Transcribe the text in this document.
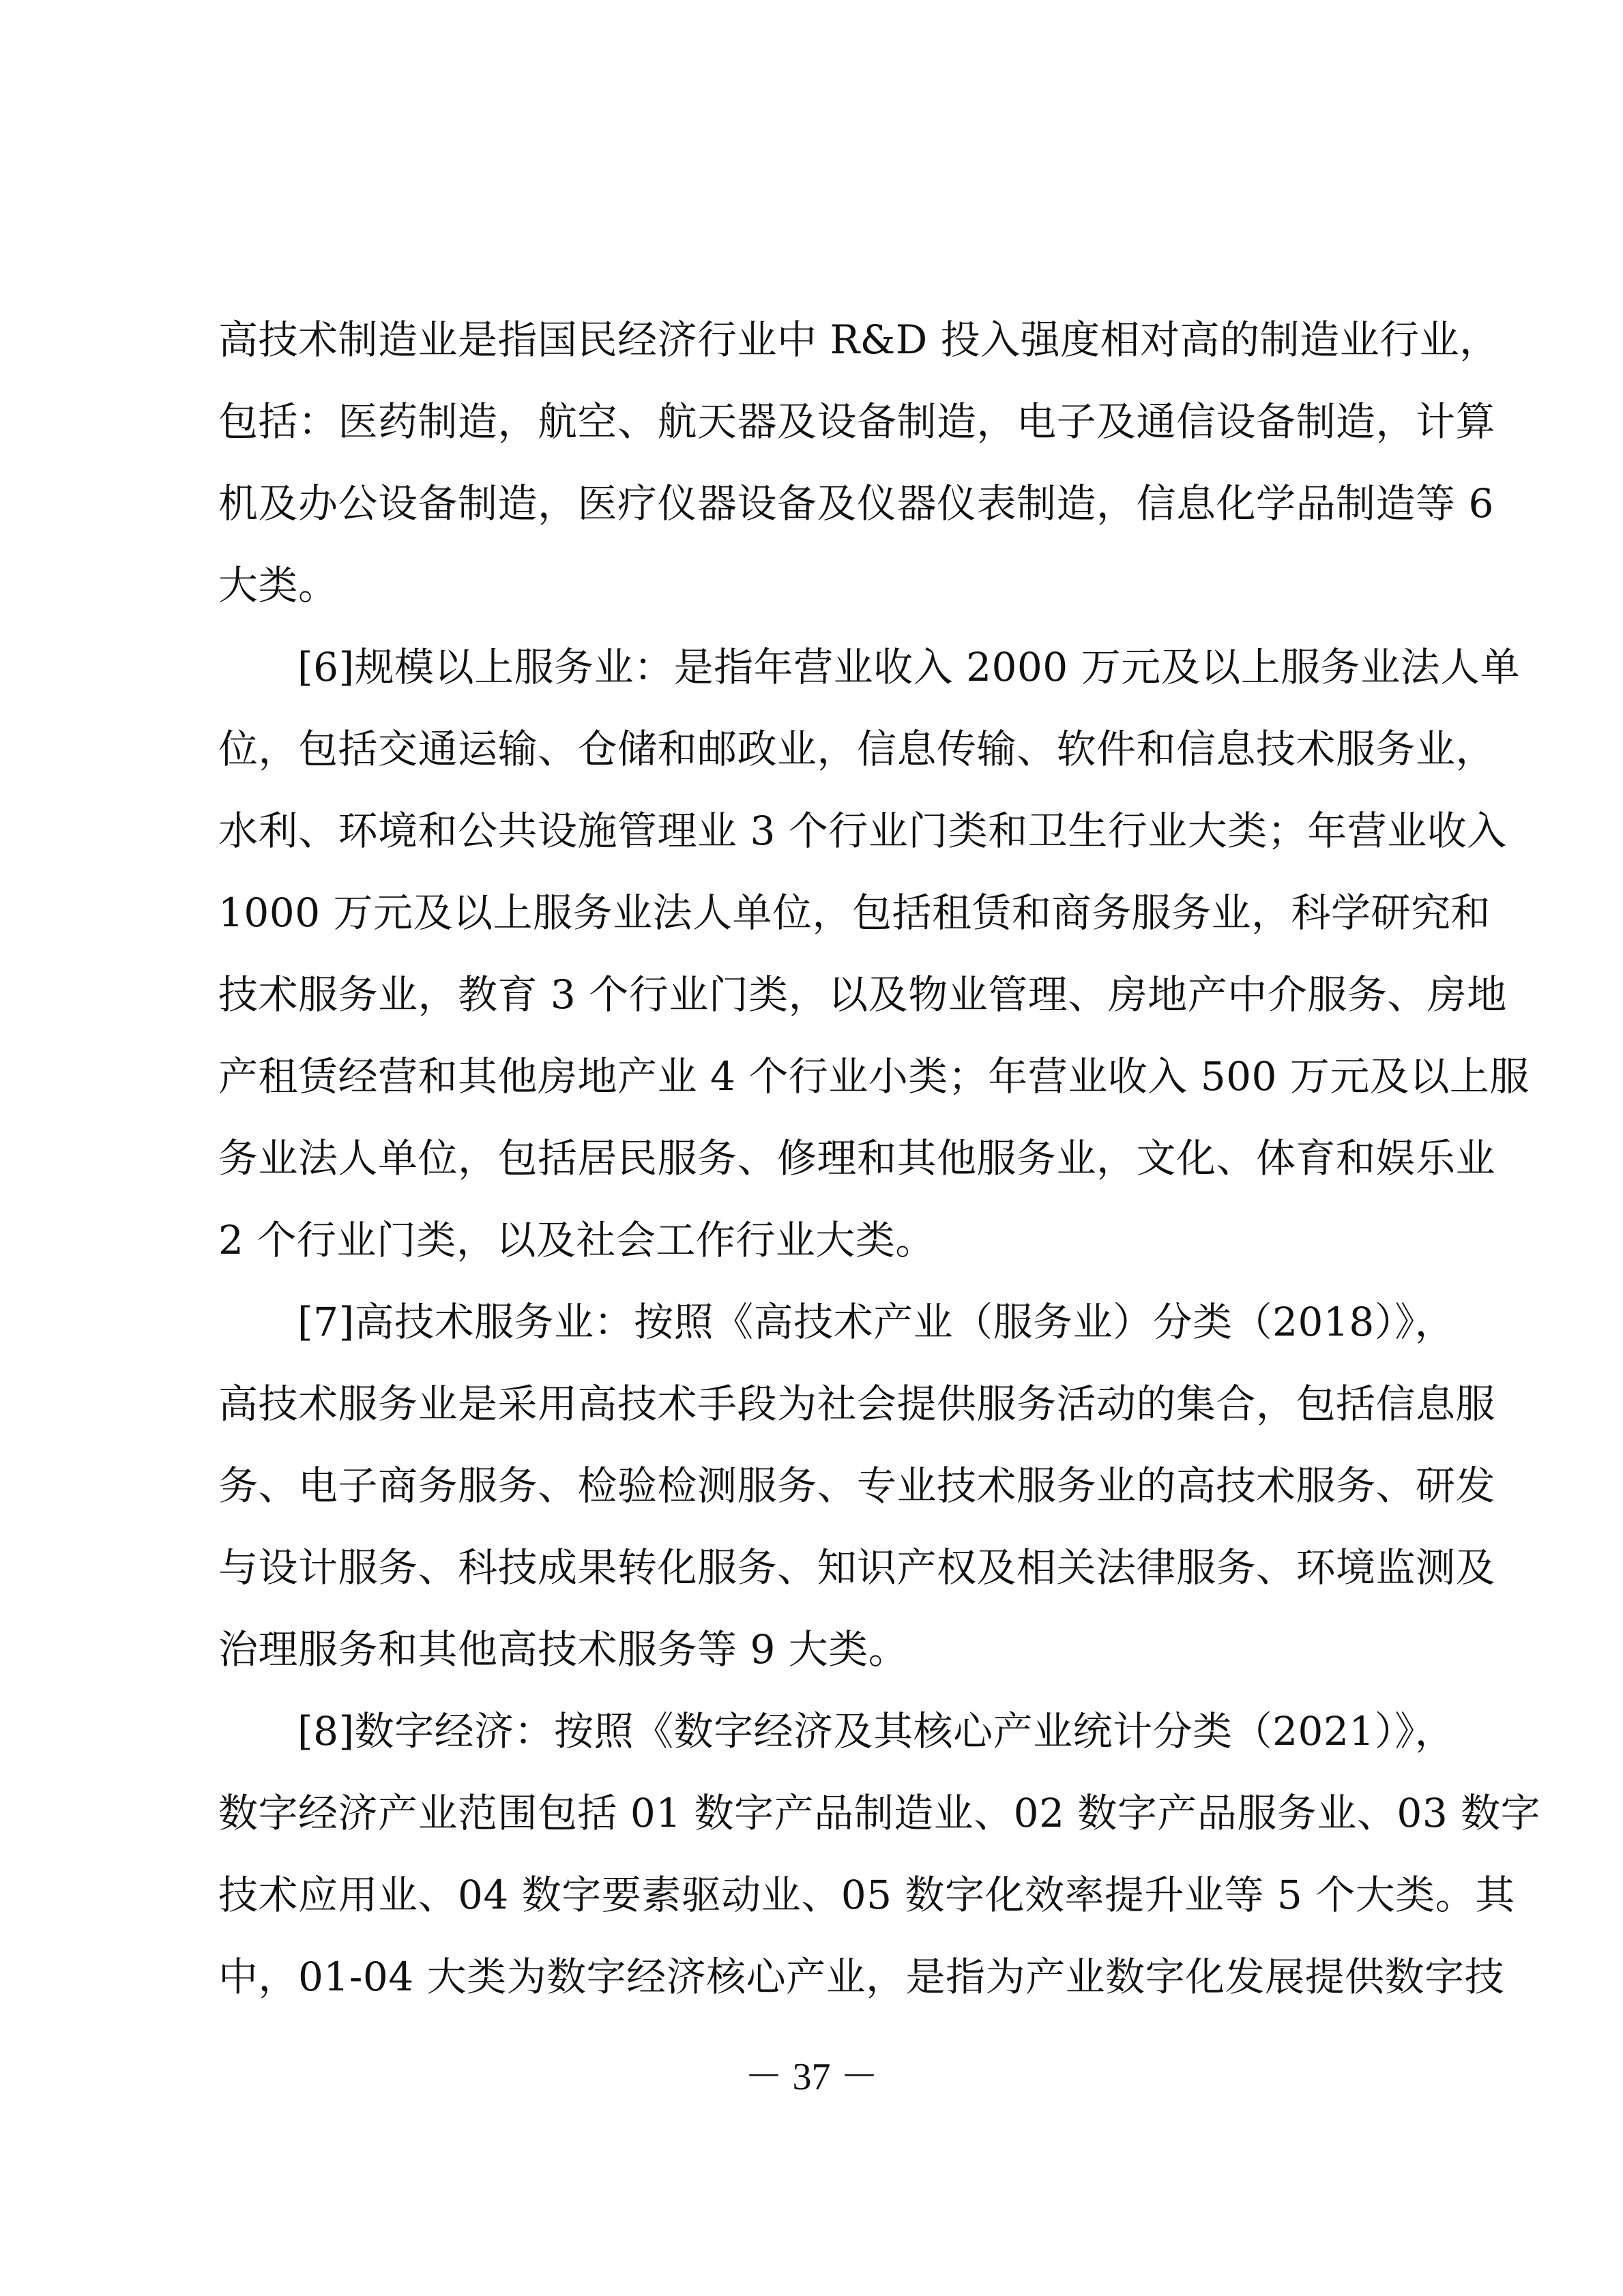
高技术制造业是指国民经济行业中 R&D 投入强度相对高的制造业行业，
包括：医药制造，航空、航天器及设备制造，电子及通信设备制造，计算
机及办公设备制造，医疗仪器设备及仪器仪表制造，信息化学品制造等 6
大类。
[6]规模以上服务业：是指年营业收入 2000 万元及以上服务业法人单
位，包括交通运输、仓储和邮政业，信息传输、软件和信息技术服务业，
水利、环境和公共设施管理业 3 个行业门类和卫生行业大类；年营业收入
1000 万元及以上服务业法人单位，包括租赁和商务服务业，科学研究和
技术服务业，教育 3 个行业门类，以及物业管理、房地产中介服务、房地
产租赁经营和其他房地产业 4 个行业小类；年营业收入 500 万元及以上服
务业法人单位，包括居民服务、修理和其他服务业，文化、体育和娱乐业
2 个行业门类，以及社会工作行业大类。
[7]高技术服务业：按照《高技术产业（服务业）分类（2018）》，
高技术服务业是采用高技术手段为社会提供服务活动的集合，包括信息服
务、电子商务服务、检验检测服务、专业技术服务业的高技术服务、研发
与设计服务、科技成果转化服务、知识产权及相关法律服务、环境监测及
治理服务和其他高技术服务等 9 大类。
[8]数字经济：按照《数字经济及其核心产业统计分类（2021）》，
数字经济产业范围包括 01 数字产品制造业、02 数字产品服务业、03 数字
技术应用业、04 数字要素驱动业、05 数字化效率提升业等 5 个大类。其
中，01-04 大类为数字经济核心产业，是指为产业数字化发展提供数字技
－ 37 －
